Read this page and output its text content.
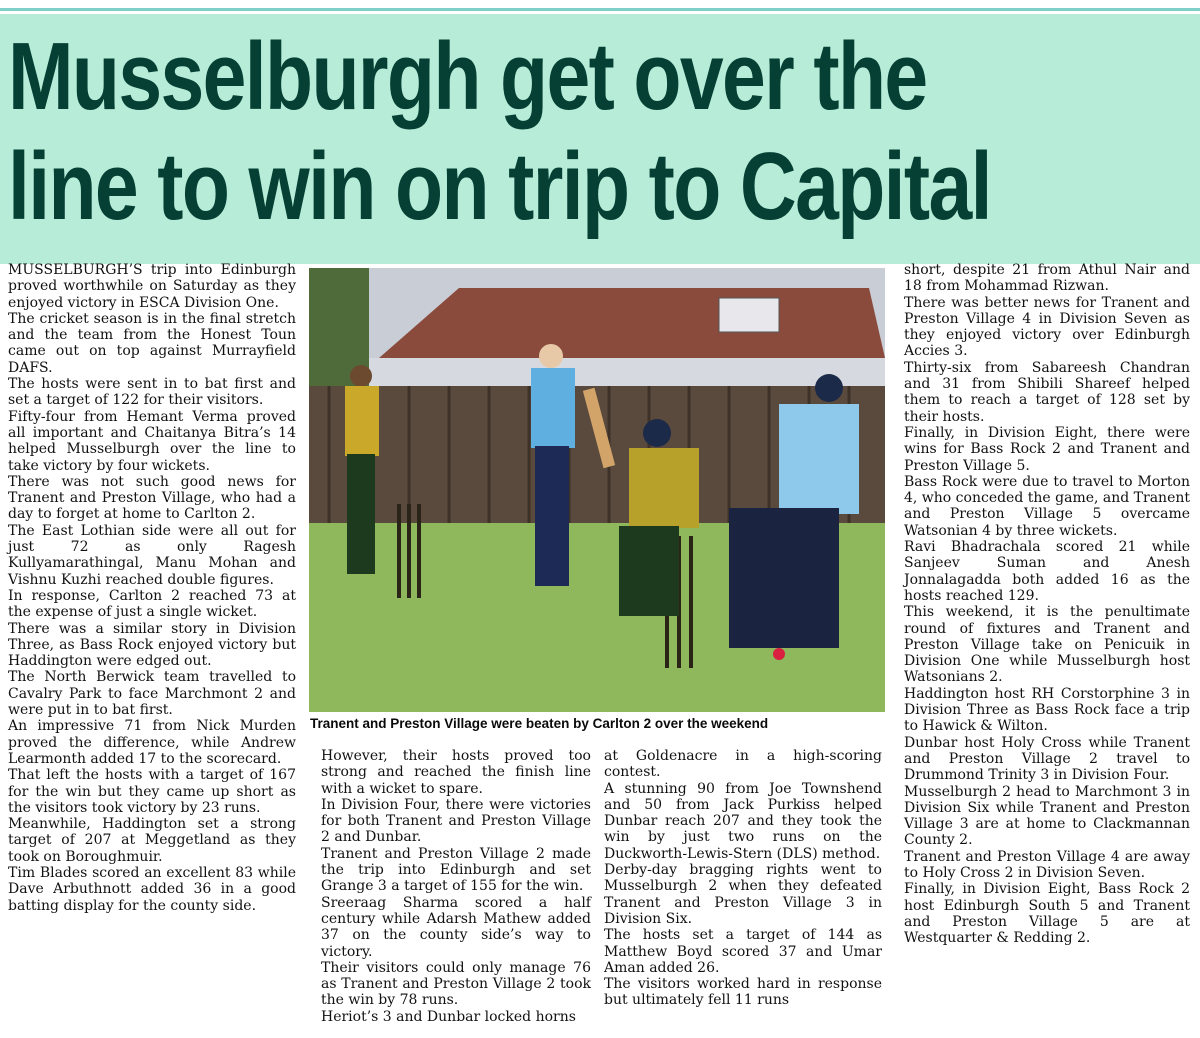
Musselburgh get over the
line to win on trip to Capital

MUSSELBURGH’S trip into Edinburgh proved worthwhile on Saturday as they enjoyed victory in ESCA Division One.

The cricket season is in the final stretch and the team from the Honest Toun came out on top against Murrayfield DAFS.

The hosts were sent in to bat first and set a target of 122 for their visitors.

Fifty-four from Hemant Verma proved all important and Chaitanya Bitra’s 14 helped Musselburgh over the line to take victory by four wickets.

There was not such good news for Tranent and Preston Village, who had a day to forget at home to Carlton 2.

The East Lothian side were all out for just 72 as only Ragesh Kullyamarathingal, Manu Mohan and Vishnu Kuzhi reached double figures.

In response, Carlton 2 reached 73 at the expense of just a single wicket.

There was a similar story in Division Three, as Bass Rock enjoyed victory but Haddington were edged out.

The North Berwick team travelled to Cavalry Park to face Marchmont 2 and were put in to bat first.

An impressive 71 from Nick Murden proved the difference, while Andrew Learmonth added 17 to the scorecard.

That left the hosts with a target of 167 for the win but they came up short as the visitors took victory by 23 runs.

Meanwhile, Haddington set a strong target of 207 at Meggetland as they took on Boroughmuir.

Tim Blades scored an excellent 83 while Dave Arbuthnott added 36 in a good batting display for the county side.

Tranent and Preston Village were beaten by Carlton 2 over the weekend

However, their hosts proved too strong and reached the finish line with a wicket to spare.

In Division Four, there were victories for both Tranent and Preston Village 2 and Dunbar.

Tranent and Preston Village 2 made the trip into Edinburgh and set Grange 3 a target of 155 for the win.

Sreeraag Sharma scored a half century while Adarsh Mathew added 37 on the county side’s way to victory.

Their visitors could only manage 76 as Tranent and Preston Village 2 took the win by 78 runs.

Heriot’s 3 and Dunbar locked horns

at Goldenacre in a high-scoring contest.

A stunning 90 from Joe Townshend and 50 from Jack Purkiss helped Dunbar reach 207 and they took the win by just two runs on the Duckworth-Lewis-Stern (DLS) method.

Derby-day bragging rights went to Musselburgh 2 when they defeated Tranent and Preston Village 3 in Division Six.

The hosts set a target of 144 as Matthew Boyd scored 37 and Umar Aman added 26.

The visitors worked hard in response but ultimately fell 11 runs

short, despite 21 from Athul Nair and 18 from Mohammad Rizwan.

There was better news for Tranent and Preston Village 4 in Division Seven as they enjoyed victory over Edinburgh Accies 3.

Thirty-six from Sabareesh Chandran and 31 from Shibili Shareef helped them to reach a target of 128 set by their hosts.

Finally, in Division Eight, there were wins for Bass Rock 2 and Tranent and Preston Village 5.

Bass Rock were due to travel to Morton 4, who conceded the game, and Tranent and Preston Village 5 overcame Watsonian 4 by three wickets.

Ravi Bhadrachala scored 21 while Sanjeev Suman and Anesh Jonnalagadda both added 16 as the hosts reached 129.

This weekend, it is the penultimate round of fixtures and Tranent and Preston Village take on Penicuik in Division One while Musselburgh host Watsonians 2.

Haddington host RH Corstorphine 3 in Division Three as Bass Rock face a trip to Hawick & Wilton.

Dunbar host Holy Cross while Tranent and Preston Village 2 travel to Drummond Trinity 3 in Division Four.

Musselburgh 2 head to Marchmont 3 in Division Six while Tranent and Preston Village 3 are at home to Clackmannan County 2.

Tranent and Preston Village 4 are away to Holy Cross 2 in Division Seven.

Finally, in Division Eight, Bass Rock 2 host Edinburgh South 5 and Tranent and Preston Village 5 are at Westquarter & Redding 2.
